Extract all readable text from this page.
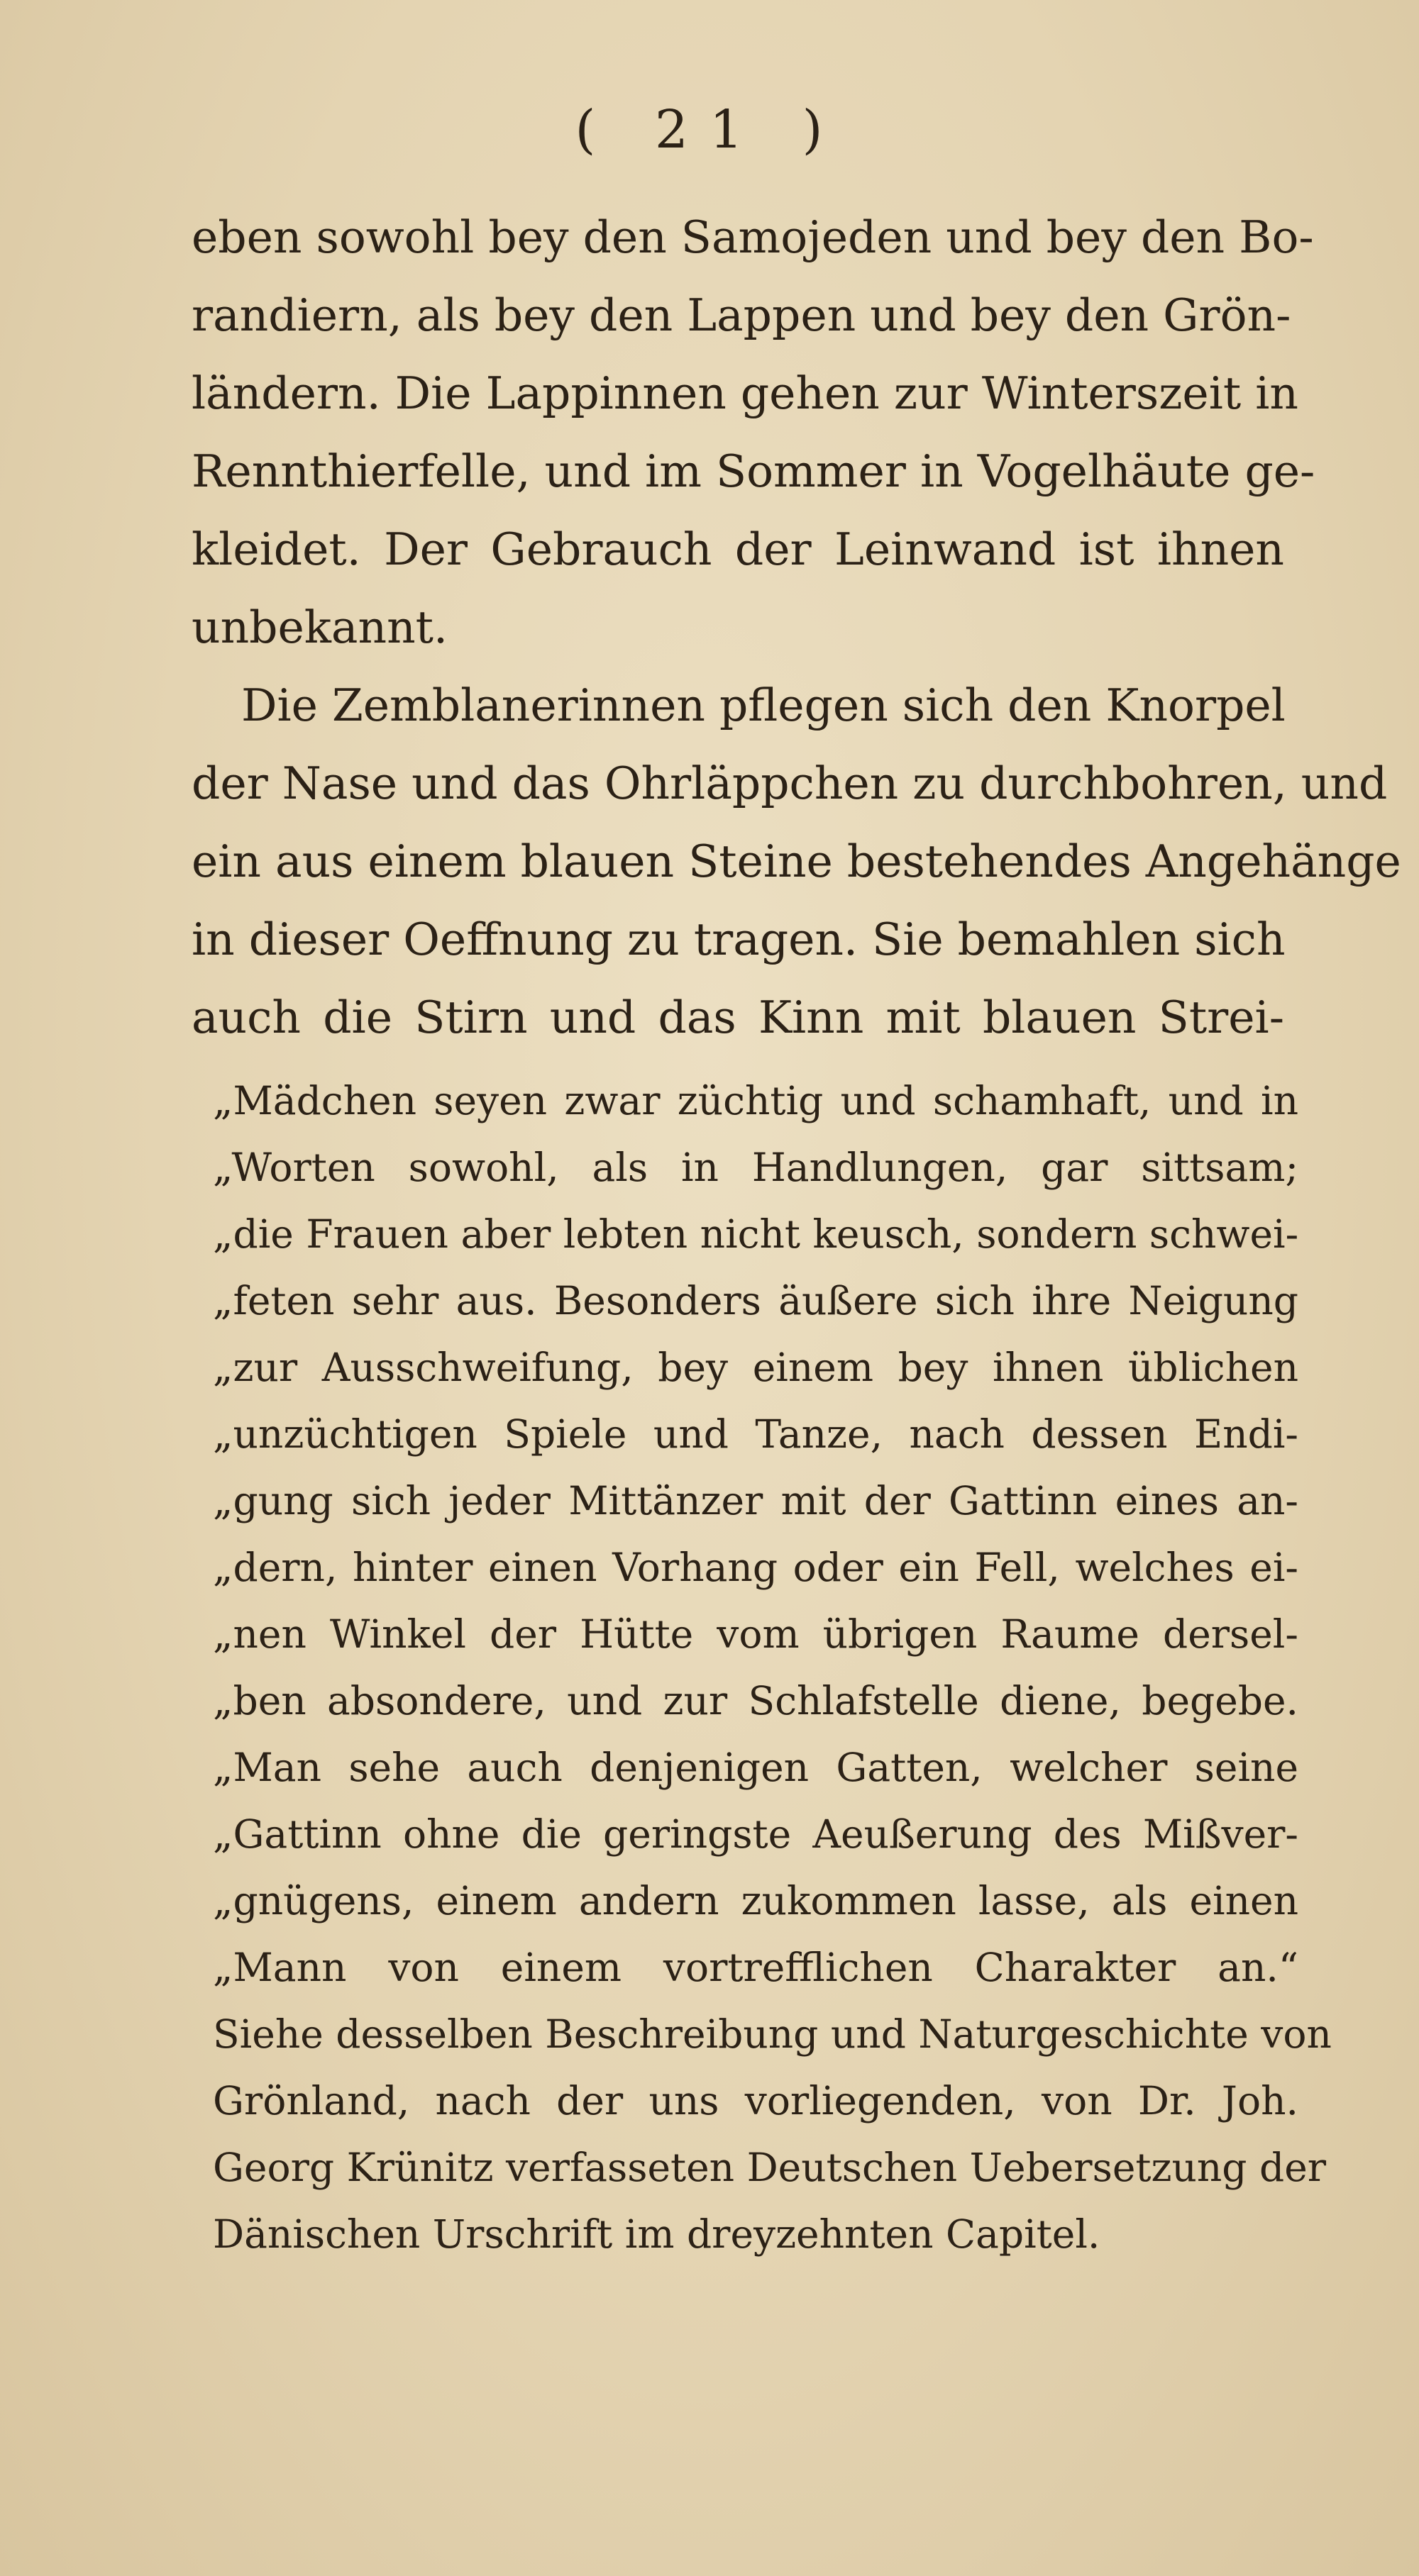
( 21 )
eben sowohl bey den Samojeden und bey den Bo-
randiern, als bey den Lappen und bey den Grön-
ländern. Die Lappinnen gehen zur Winterszeit in
Rennthierfelle, und im Sommer in Vogelhäute ge-
kleidet. Der Gebrauch der Leinwand ist ihnen
unbekannt.
Die Zemblanerinnen pflegen sich den Knorpel
der Nase und das Ohrläppchen zu durchbohren, und
ein aus einem blauen Steine bestehendes Angehänge
in dieser Oeffnung zu tragen. Sie bemahlen sich
auch die Stirn und das Kinn mit blauen Strei-
„Mädchen seyen zwar züchtig und schamhaft, und in
„Worten sowohl, als in Handlungen, gar sittsam;
„die Frauen aber lebten nicht keusch, sondern schwei-
„feten sehr aus. Besonders äußere sich ihre Neigung
„zur Ausschweifung, bey einem bey ihnen üblichen
„unzüchtigen Spiele und Tanze, nach dessen Endi-
„gung sich jeder Mittänzer mit der Gattinn eines an-
„dern, hinter einen Vorhang oder ein Fell, welches ei-
„nen Winkel der Hütte vom übrigen Raume dersel-
„ben absondere, und zur Schlafstelle diene, begebe.
„Man sehe auch denjenigen Gatten, welcher seine
„Gattinn ohne die geringste Aeußerung des Mißver-
„gnügens, einem andern zukommen lasse, als einen
„Mann von einem vortrefflichen Charakter an.“
Siehe desselben Beschreibung und Naturgeschichte von
Grönland, nach der uns vorliegenden, von Dr. Joh.
Georg Krünitz verfasseten Deutschen Uebersetzung der
Dänischen Urschrift im dreyzehnten Capitel.
